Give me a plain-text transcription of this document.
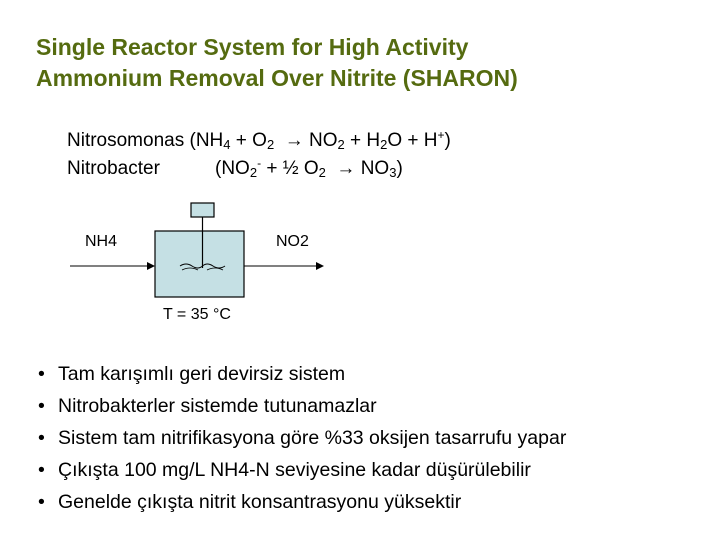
Single Reactor System for High Activity
Ammonium Removal Over Nitrite (SHARON)
Nitrosomonas $(NH_4 + O_2 \to NO_2 + H_2O + H^+)$
Nitrobacter	($NO_2^-$ + ½ $O_2 \to NO_3$)
NH4	NO2
T = 35 °C
• Tam karışımlı geri devirsiz sistem
• Nitrobakterler sistemde tutunamazlar
• Sistem tam nitrifikasyona göre %33 oksijen tasarrufu yapar
• Çıkışta 100 mg/L NH4-N seviyesine kadar düşürülebilir
• Genelde çıkışta nitrit konsantrasyonu yüksektir
